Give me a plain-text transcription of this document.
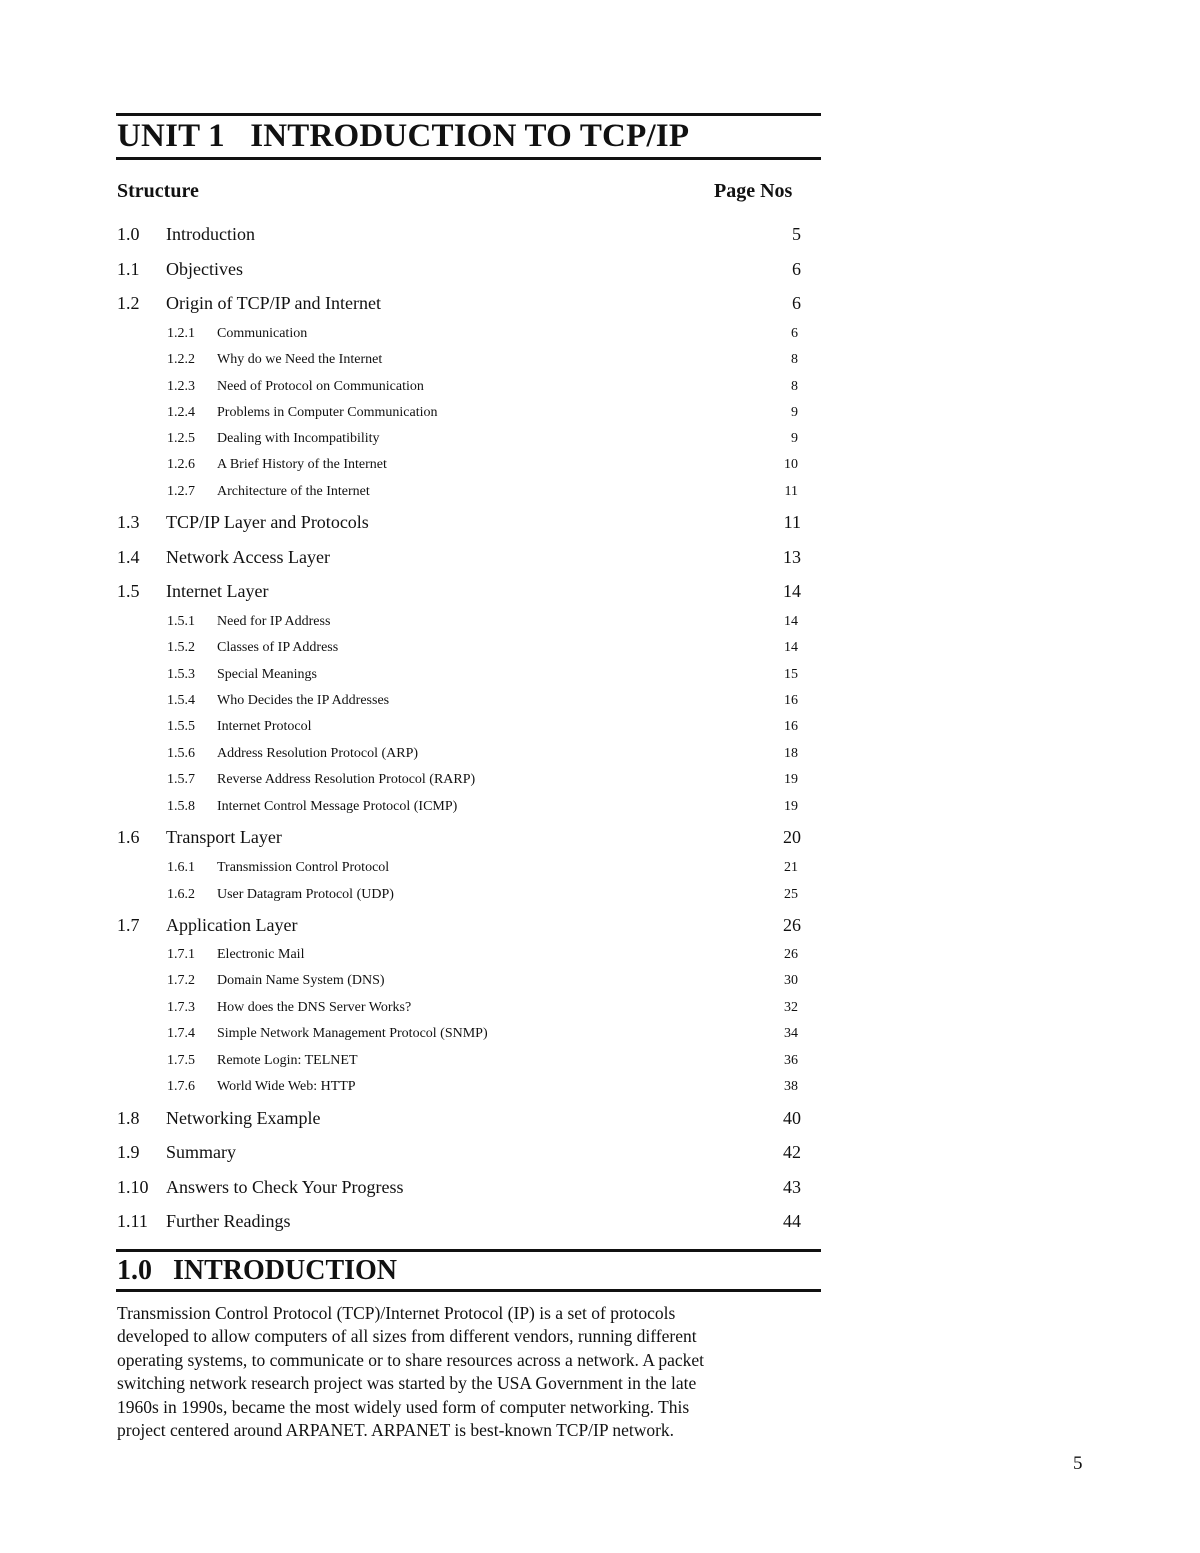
UNIT 1   INTRODUCTION TO TCP/IP
Structure	Page Nos
1.0 Introduction	5
1.1 Objectives	6
1.2 Origin of TCP/IP and Internet	6
1.2.1 Communication	6
1.2.2 Why do we Need the Internet	8
1.2.3 Need of Protocol on Communication	8
1.2.4 Problems in Computer Communication	9
1.2.5 Dealing with Incompatibility	9
1.2.6 A Brief History of the Internet	10
1.2.7 Architecture of the Internet	11
1.3 TCP/IP Layer and Protocols	11
1.4 Network Access Layer	13
1.5 Internet Layer	14
1.5.1 Need for IP Address	14
1.5.2 Classes of IP Address	14
1.5.3 Special Meanings	15
1.5.4 Who Decides the IP Addresses	16
1.5.5 Internet Protocol	16
1.5.6 Address Resolution Protocol (ARP)	18
1.5.7 Reverse Address Resolution Protocol (RARP)	19
1.5.8 Internet Control Message Protocol (ICMP)	19
1.6 Transport Layer	20
1.6.1 Transmission Control Protocol	21
1.6.2 User Datagram Protocol (UDP)	25
1.7 Application Layer	26
1.7.1 Electronic Mail	26
1.7.2 Domain Name System (DNS)	30
1.7.3 How does the DNS Server Works?	32
1.7.4 Simple Network Management Protocol (SNMP)	34
1.7.5 Remote Login: TELNET	36
1.7.6 World Wide Web: HTTP	38
1.8 Networking Example	40
1.9 Summary	42
1.10 Answers to Check Your Progress	43
1.11 Further Readings	44
1.0   INTRODUCTION
Transmission Control Protocol (TCP)/Internet Protocol (IP) is a set of protocols
developed to allow computers of all sizes from different vendors, running different
operating systems, to communicate or to share resources across a network. A packet
switching network research project was started by the USA Government in the late
1960s in 1990s, became the most widely used form of computer networking. This
project centered around ARPANET. ARPANET is best-known TCP/IP network.
5
